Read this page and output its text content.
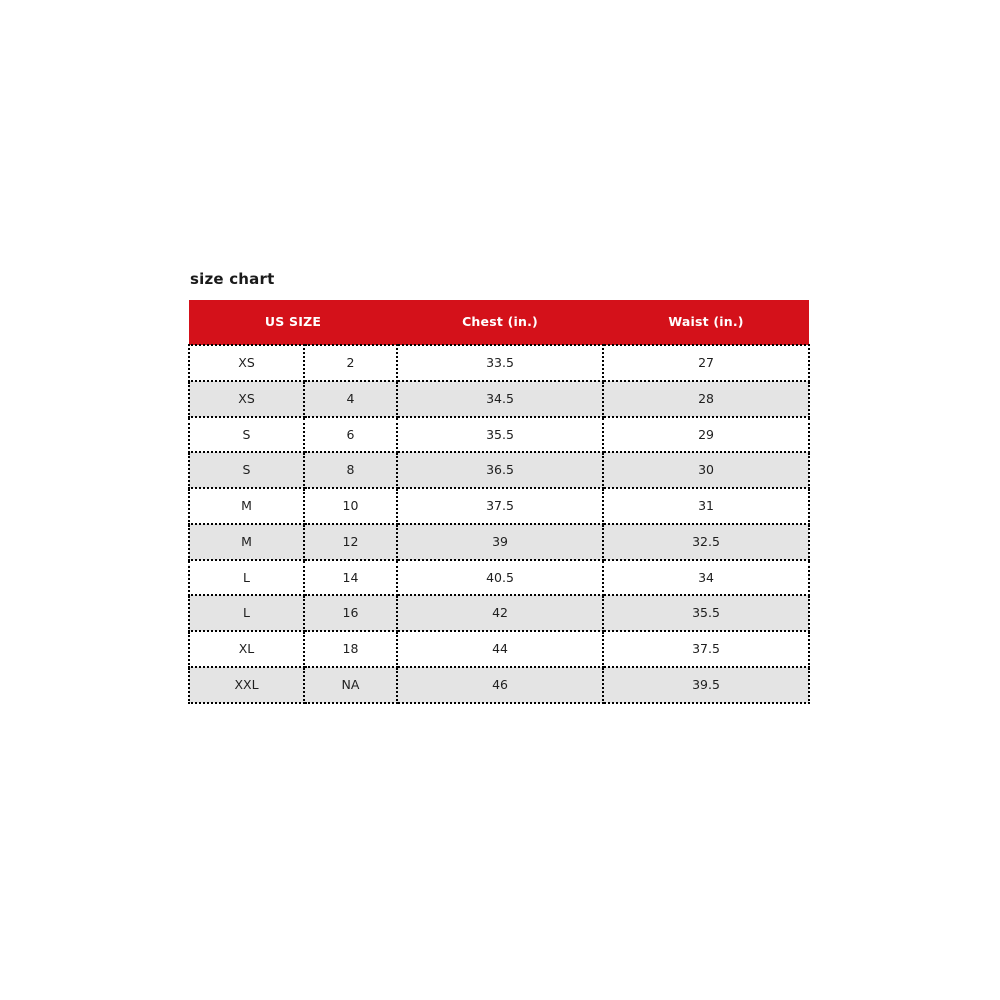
size chart
US SIZE		Chest (in.)	Waist (in.)
XS	2	33.5	27
XS	4	34.5	28
S	6	35.5	29
S	8	36.5	30
M	10	37.5	31
M	12	39	32.5
L	14	40.5	34
L	16	42	35.5
XL	18	44	37.5
XXL	NA	46	39.5
